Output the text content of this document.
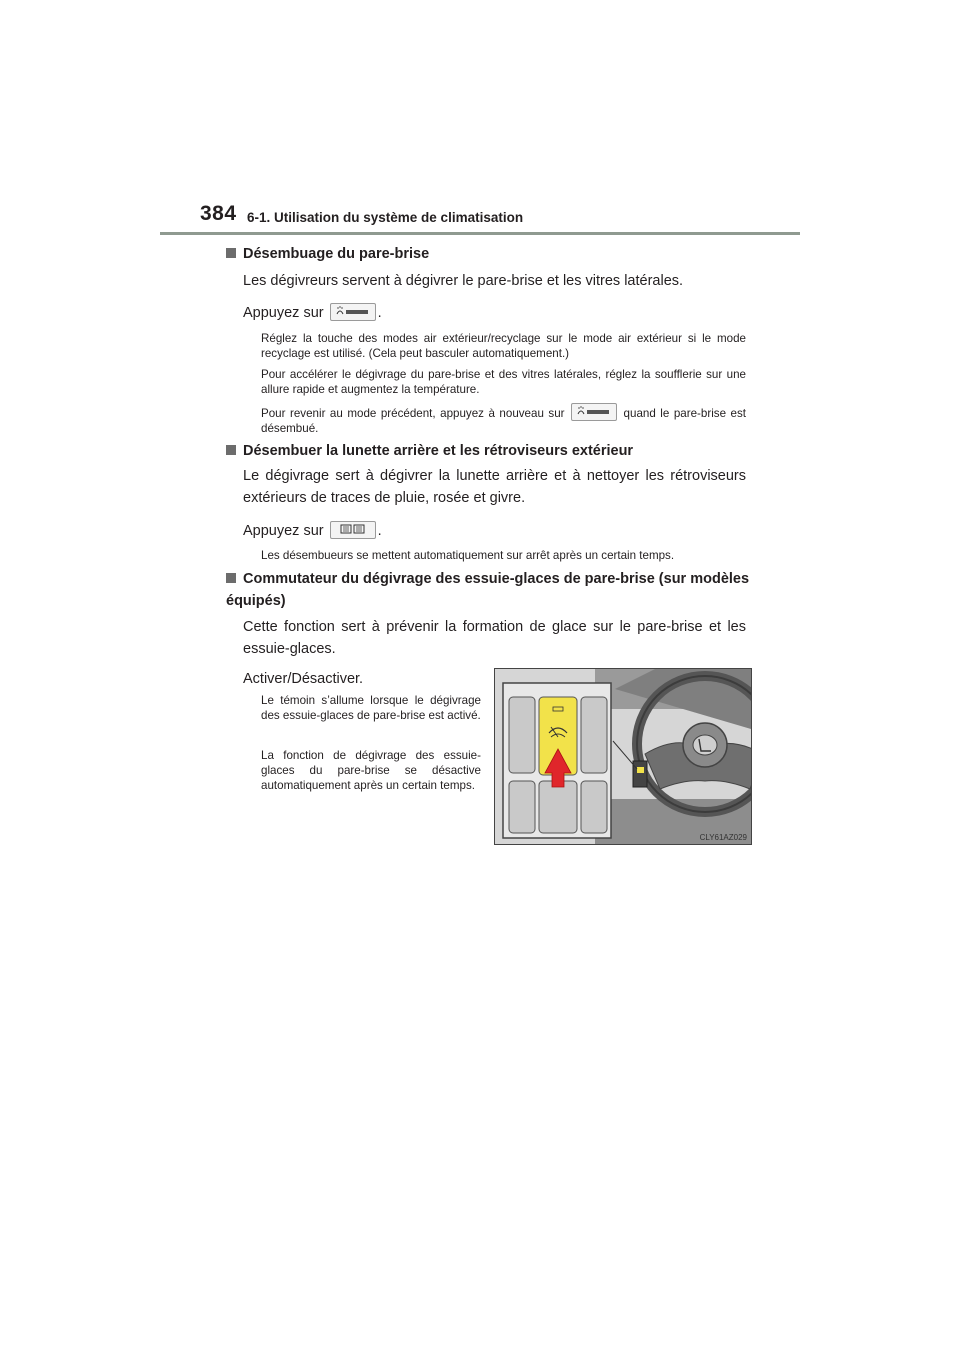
384 6-1. Utilisation du système de climatisation
Désembuage du pare-brise
Les dégivreurs servent à dégivrer le pare-brise et les vitres latérales.
Appuyez sur	.
Réglez la touche des modes air extérieur/recyclage sur le mode air extérieur si le mode recyclage est utilisé. (Cela peut basculer automatiquement.)
Pour accélérer le dégivrage du pare-brise et des vitres latérales, réglez la soufflerie sur une allure rapide et augmentez la température.
Pour revenir au mode précédent, appuyez à nouveau sur	quand le pare-brise est désembué.
Désembuer la lunette arrière et les rétroviseurs extérieur
Le dégivrage sert à dégivrer la lunette arrière et à nettoyer les rétroviseurs extérieurs de traces de pluie, rosée et givre.
Appuyez sur	.
Les désembueurs se mettent automatiquement sur arrêt après un certain temps.
Commutateur du dégivrage des essuie-glaces de pare-brise (sur modèles équipés)
Cette fonction sert à prévenir la formation de glace sur le pare-brise et les essuie-glaces.
Activer/Désactiver.
Le témoin s’allume lorsque le dégivrage des essuie-glaces de pare-brise est activé.
La fonction de dégivrage des essuie-glaces du pare-brise se désactive automatiquement après un certain temps.
CLY61AZ029
